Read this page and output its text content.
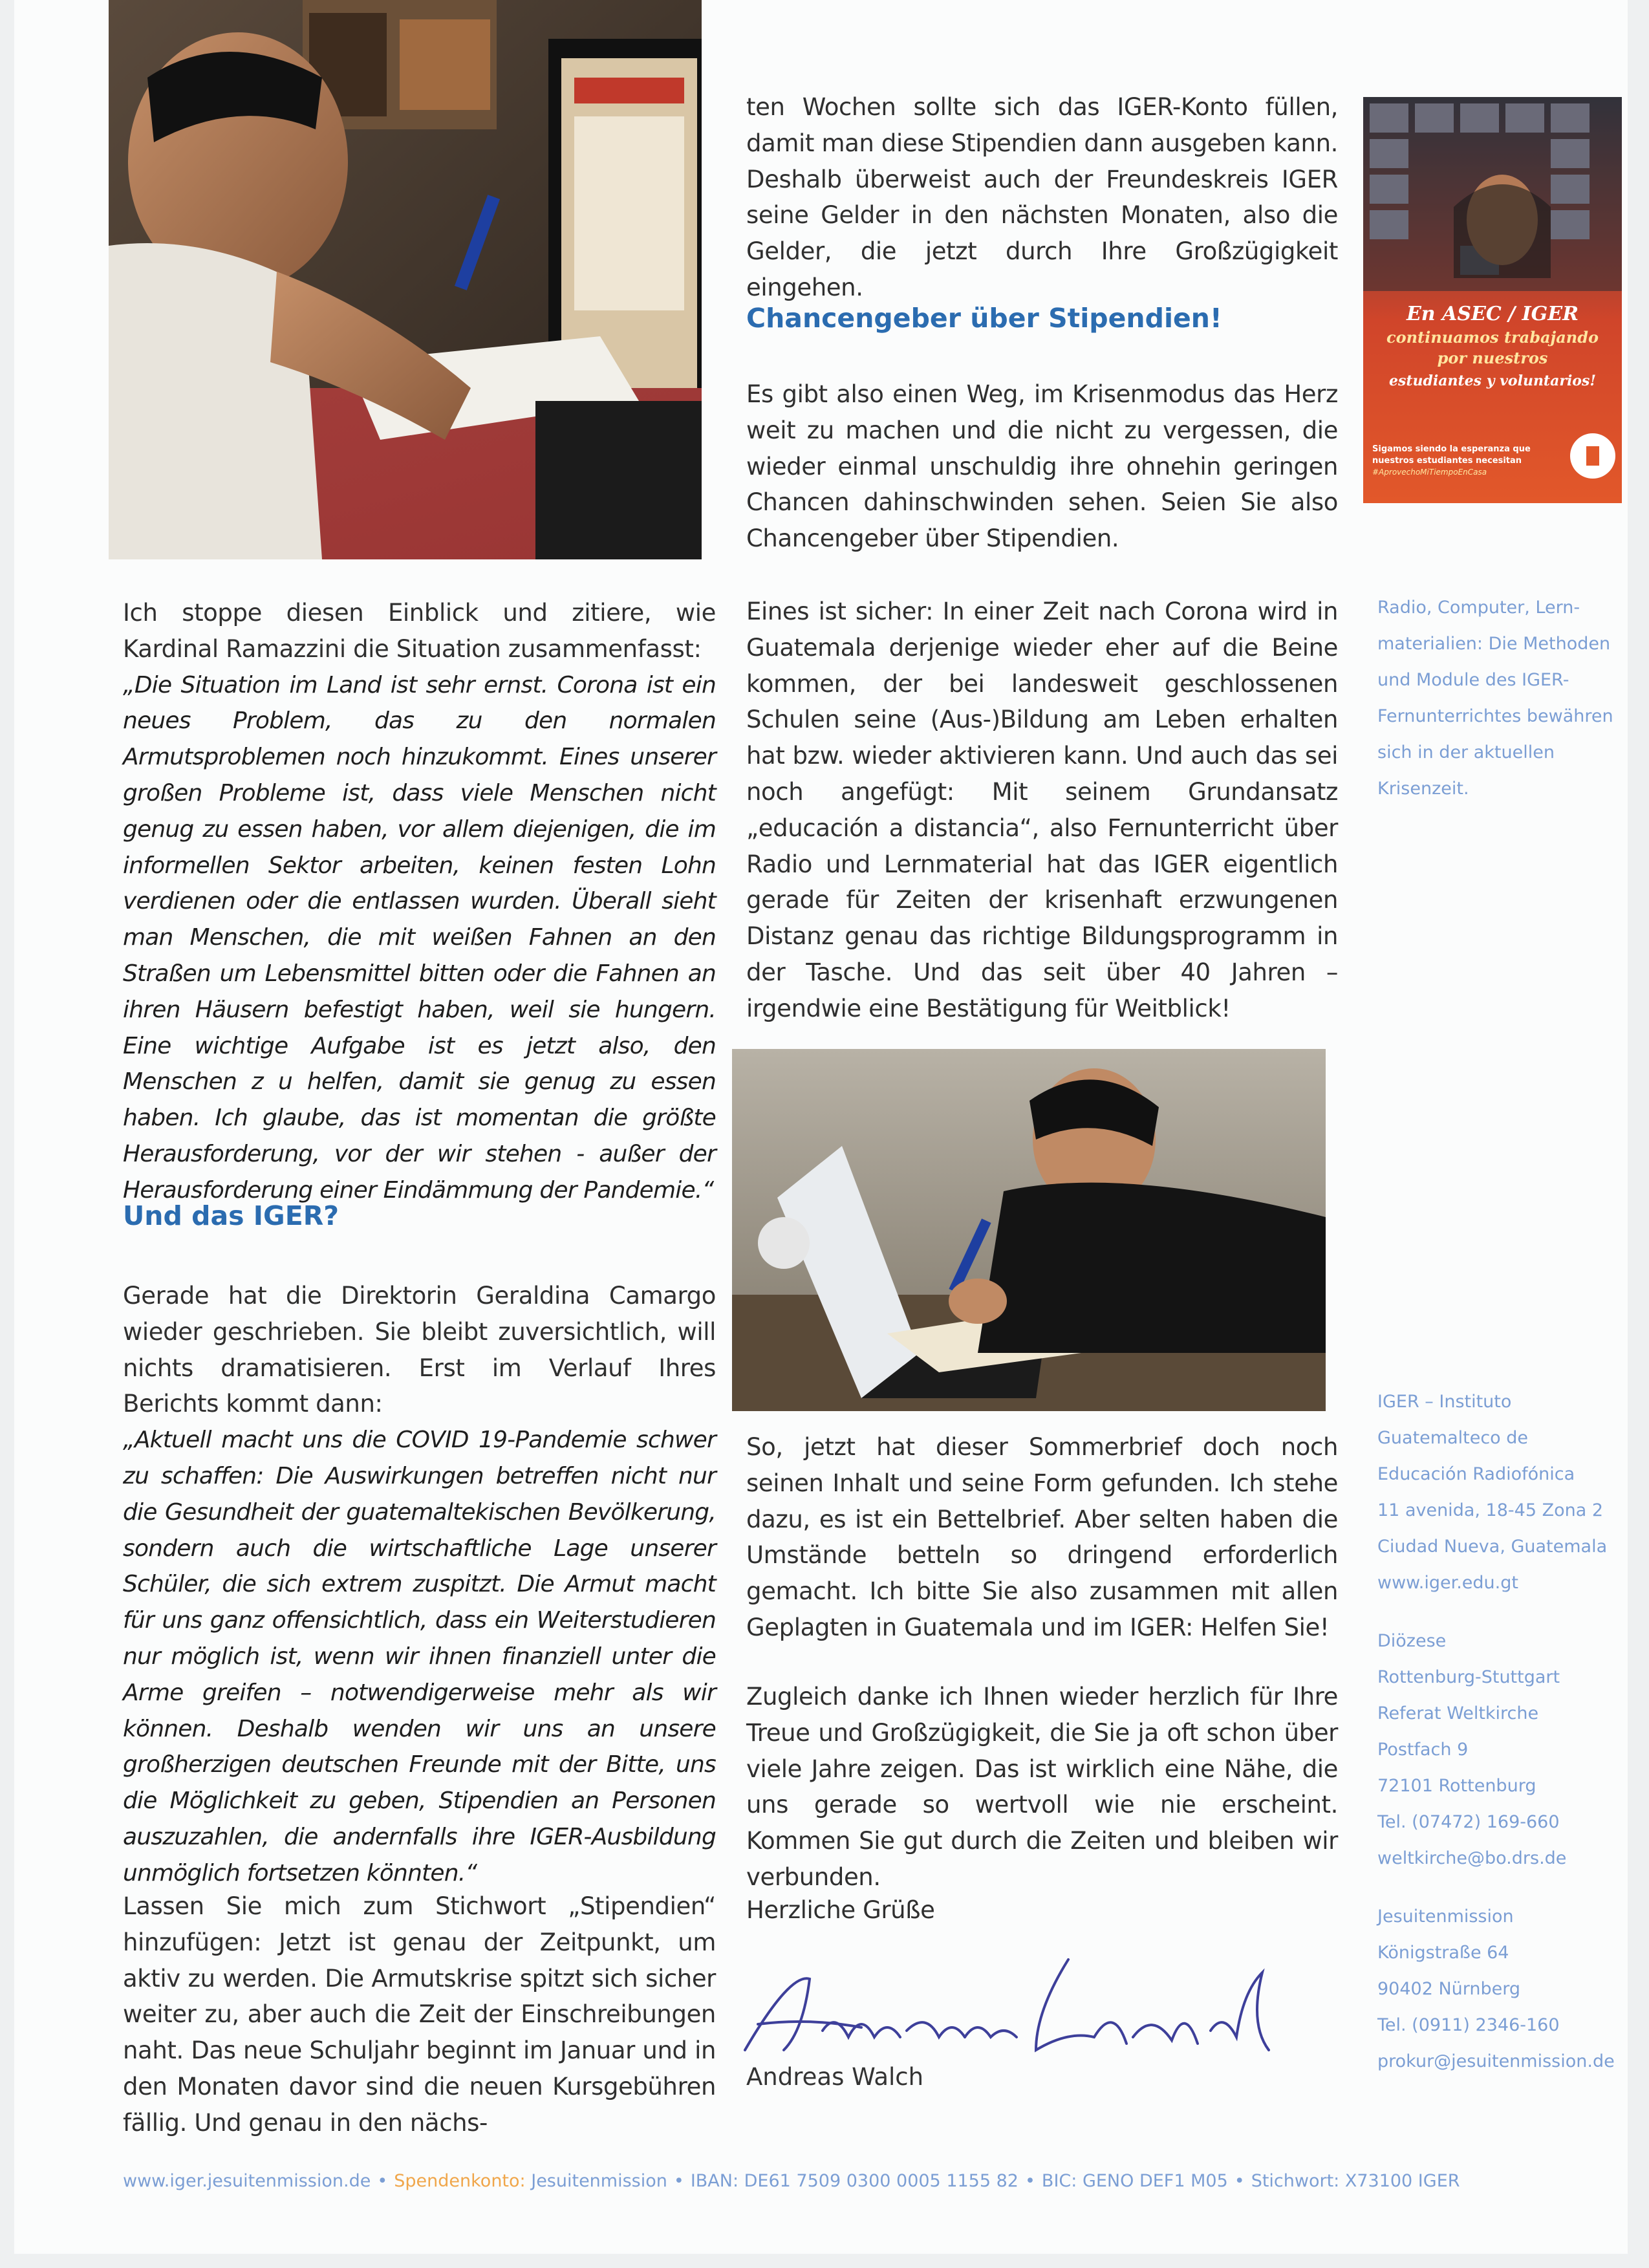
En ASEC / IGER
continuamos trabajando
por nuestros
estudiantes y voluntarios!
Sigamos siendo la esperanza que
nuestros estudiantes necesitan
#AprovechoMiTiempoEnCasa

Ich stoppe diesen Einblick und zitiere, wie Kardinal Ramazzini die Situation zusammenfasst:

„Die Situation im Land ist sehr ernst. Corona ist ein neues Problem, das zu den normalen Armutsproblemen noch hinzukommt. Eines unserer großen Probleme ist, dass viele Menschen nicht genug zu essen haben, vor allem diejenigen, die im informellen Sektor arbeiten, keinen festen Lohn verdienen oder die entlassen wurden. Überall sieht man Menschen, die mit weißen Fahnen an den Straßen um Lebensmittel bitten oder die Fahnen an ihren Häusern befestigt haben, weil sie hungern. Eine wichtige Aufgabe ist es jetzt also, den Menschen z u helfen, damit sie genug zu essen haben. Ich glaube, das ist momentan die größte Herausforderung, vor der wir stehen - außer der Herausforderung einer Eindämmung der Pandemie.“

Und das IGER?

Gerade hat die Direktorin Geraldina Camargo wieder geschrieben. Sie bleibt zuversichtlich, will nichts dramatisieren. Erst im Verlauf Ihres Berichts kommt dann:

„Aktuell macht uns die COVID 19-Pandemie schwer zu schaffen: Die Auswirkungen betreffen nicht nur die Gesundheit der guatemaltekischen Bevölkerung, sondern auch die wirtschaftliche Lage unserer Schüler, die sich extrem zuspitzt. Die Armut macht für uns ganz offensichtlich, dass ein Weiterstudieren nur möglich ist, wenn wir ihnen finanziell unter die Arme greifen – notwendigerweise mehr als wir können. Deshalb wenden wir uns an unsere großherzigen deutschen Freunde mit der Bitte, uns die Möglichkeit zu geben, Stipendien an Personen auszuzahlen, die andernfalls ihre IGER-Ausbildung unmöglich fortsetzen könnten.“

Lassen Sie mich zum Stichwort „Stipendien“ hinzufügen: Jetzt ist genau der Zeitpunkt, um aktiv zu werden. Die Armutskrise spitzt sich sicher weiter zu, aber auch die Zeit der Einschreibungen naht. Das neue Schuljahr beginnt im Januar und in den Monaten davor sind die neuen Kursgebühren fällig. Und genau in den nächs-

ten Wochen sollte sich das IGER-Konto füllen, damit man diese Stipendien dann ausgeben kann. Deshalb überweist auch der Freundeskreis IGER seine Gelder in den nächsten Monaten, also die Gelder, die jetzt durch Ihre Großzügigkeit eingehen.

Chancengeber über Stipendien!

Es gibt also einen Weg, im Krisenmodus das Herz weit zu machen und die nicht zu vergessen, die wieder einmal unschuldig ihre ohnehin geringen Chancen dahinschwinden sehen. Seien Sie also Chancengeber über Stipendien.

Eines ist sicher: In einer Zeit nach Corona wird in Guatemala derjenige wieder eher auf die Beine kommen, der bei landesweit geschlossenen Schulen seine (Aus-)Bildung am Leben erhalten hat bzw. wieder aktivieren kann. Und auch das sei noch angefügt: Mit seinem Grundansatz „educación a distancia“, also Fernunterricht über Radio und Lernmaterial hat das IGER eigentlich gerade für Zeiten der krisenhaft erzwungenen Distanz genau das richtige Bildungsprogramm in der Tasche. Und das seit über 40 Jahren – irgendwie eine Bestätigung für Weitblick!

So, jetzt hat dieser Sommerbrief doch noch seinen Inhalt und seine Form gefunden. Ich stehe dazu, es ist ein Bettelbrief. Aber selten haben die Umstände betteln so dringend erforderlich gemacht. Ich bitte Sie also zusammen mit allen Geplagten in Guatemala und im IGER: Helfen Sie!

Zugleich danke ich Ihnen wieder herzlich für Ihre Treue und Großzügigkeit, die Sie ja oft schon über viele Jahre zeigen. Das ist wirklich eine Nähe, die uns gerade so wertvoll wie nie erscheint. Kommen Sie gut durch die Zeiten und bleiben wir verbunden.

Herzliche Grüße

Andreas Walch

Radio, Computer, Lern-
materialien: Die Methoden
und Module des IGER-
Fernunterrichtes bewähren
sich in der aktuellen
Krisenzeit.

IGER – Instituto
Guatemalteco de
Educación Radiofónica
11 avenida, 18-45 Zona 2
Ciudad Nueva, Guatemala
www.iger.edu.gt

Diözese
Rottenburg-Stuttgart
Referat Weltkirche
Postfach 9
72101 Rottenburg
Tel. (07472) 169-660
weltkirche@bo.drs.de

Jesuitenmission
Königstraße 64
90402 Nürnberg
Tel. (0911) 2346-160
prokur@jesuitenmission.de

www.iger.jesuitenmission.de • Spendenkonto: Jesuitenmission • IBAN: DE61 7509 0300 0005 1155 82 • BIC: GENO DEF1 M05 • Stichwort: X73100 IGER
